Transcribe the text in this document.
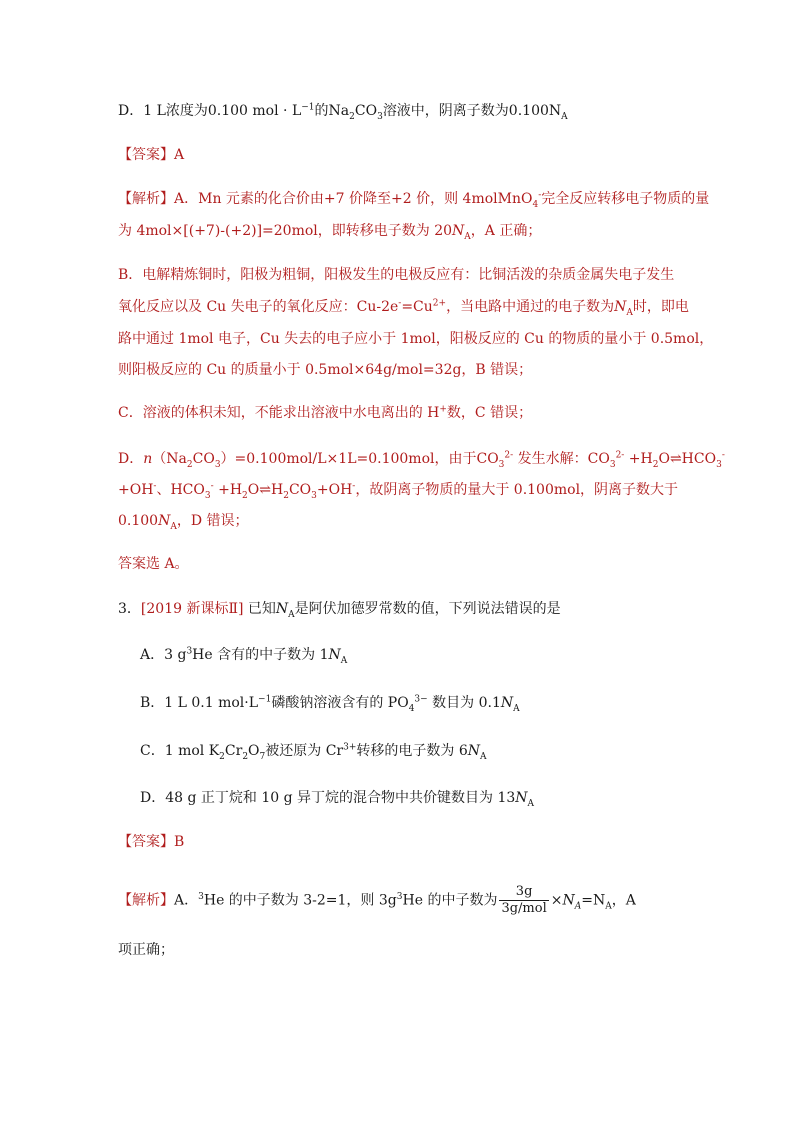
D．1 L浓度为0.100 mol · $L^{-1}$的$Na_2CO_3$溶液中，阴离子数为$0.100N_A$
【答案】A
【解析】A．Mn 元素的化合价由+7 价降至+2 价，则 4molMnO$_4$-完全反应转移电子物质的量
为 4mol×[(+7)-(+2)]=20mol，即转移电子数为 $20N_A$，A 正确；
B．电解精炼铜时，阳极为粗铜，阳极发生的电极反应有：比铜活泼的杂质金属失电子发生
氧化反应以及 Cu 失电子的氧化反应：$Cu-2e^-=Cu^{2+}$，当电路中通过的电子数为$N_A$时，即电
路中通过 1mol 电子，Cu 失去的电子应小于 1mol，阳极反应的 Cu 的物质的量小于 0.5mol，
则阳极反应的 Cu 的质量小于 0.5mol×64g/mol=32g，B 错误；
C．溶液的体积未知，不能求出溶液中水电离出的 H+数，C 错误；
D．$n(Na_2CO_3)=0.100mol/L\times 1L=0.100mol$，由于$CO_3^{2-}$ 发生水解：$CO_3^{2-}$ $+H_2O\rightleftharpoons HCO_3^-$
+OH-、$HCO_3^-$ $+H_2O\rightleftharpoons H_2CO_3+OH^-$，故阴离子物质的量大于 0.100mol，阴离子数大于
$0.100N_A$，D 错误；
答案选 A。
3．[2019 新课标Ⅱ] 已知$N_A$是阿伏加德罗常数的值，下列说法错误的是
A．3 $g^3He$ 含有的中子数为 $1N_A$
B．1 L 0.1 $mol\cdot L^{-1}$磷酸钠溶液含有的 $PO_4^{3-}$ 数目为 $0.1N_A$
C．1 mol $K_2Cr_2O_7$被还原为 $Cr^{3+}$转移的电子数为 $6N_A$
D．48 g 正丁烷和 10 g 异丁烷的混合物中共价键数目为 $13N_A$
【答案】B
【解析】A．$^3$He 的中子数为 3-2=1，则 $3g^3He$ 的中子数为 $\frac{3g}{\text{3g/mol}} \times N_A=N_A$，A
项正确；
